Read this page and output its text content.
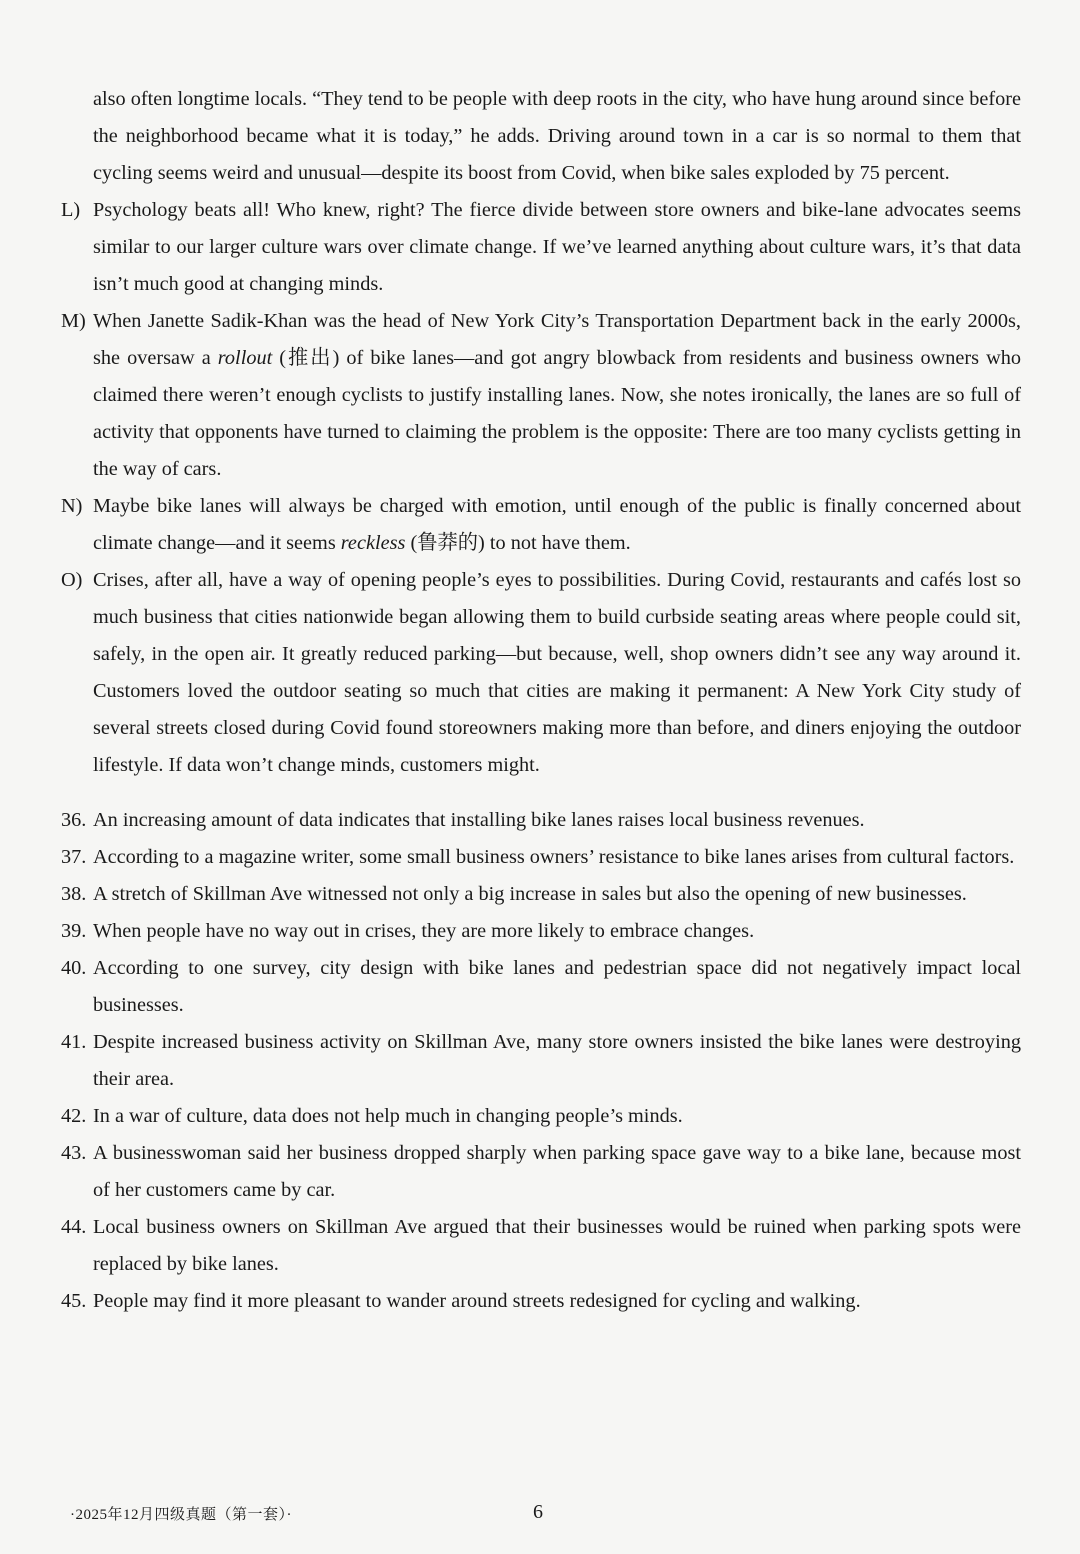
also often longtime locals. “They tend to be people with deep roots in the city, who have hung around since before the neighborhood became what it is today,” he adds. Driving around town in a car is so normal to them that cycling seems weird and unusual—despite its boost from Covid, when bike sales exploded by 75 percent.
L) Psychology beats all! Who knew, right? The fierce divide between store owners and bike-lane advocates seems similar to our larger culture wars over climate change. If we’ve learned anything about culture wars, it’s that data isn’t much good at changing minds.
M) When Janette Sadik-Khan was the head of New York City’s Transportation Department back in the early 2000s, she oversaw a rollout (推出) of bike lanes—and got angry blowback from residents and business owners who claimed there weren’t enough cyclists to justify installing lanes. Now, she notes ironically, the lanes are so full of activity that opponents have turned to claiming the problem is the opposite: There are too many cyclists getting in the way of cars.
N) Maybe bike lanes will always be charged with emotion, until enough of the public is finally concerned about climate change—and it seems reckless (鲁莽的) to not have them.
O) Crises, after all, have a way of opening people’s eyes to possibilities. During Covid, restaurants and cafés lost so much business that cities nationwide began allowing them to build curbside seating areas where people could sit, safely, in the open air. It greatly reduced parking—but because, well, shop owners didn’t see any way around it. Customers loved the outdoor seating so much that cities are making it permanent: A New York City study of several streets closed during Covid found storeowners making more than before, and diners enjoying the outdoor lifestyle. If data won’t change minds, customers might.
36. An increasing amount of data indicates that installing bike lanes raises local business revenues.
37. According to a magazine writer, some small business owners’ resistance to bike lanes arises from cultural factors.
38. A stretch of Skillman Ave witnessed not only a big increase in sales but also the opening of new businesses.
39. When people have no way out in crises, they are more likely to embrace changes.
40. According to one survey, city design with bike lanes and pedestrian space did not negatively impact local businesses.
41. Despite increased business activity on Skillman Ave, many store owners insisted the bike lanes were destroying their area.
42. In a war of culture, data does not help much in changing people’s minds.
43. A businesswoman said her business dropped sharply when parking space gave way to a bike lane, because most of her customers came by car.
44. Local business owners on Skillman Ave argued that their businesses would be ruined when parking spots were replaced by bike lanes.
45. People may find it more pleasant to wander around streets redesigned for cycling and walking.
·2025年12月四级真题（第一套）·	6
